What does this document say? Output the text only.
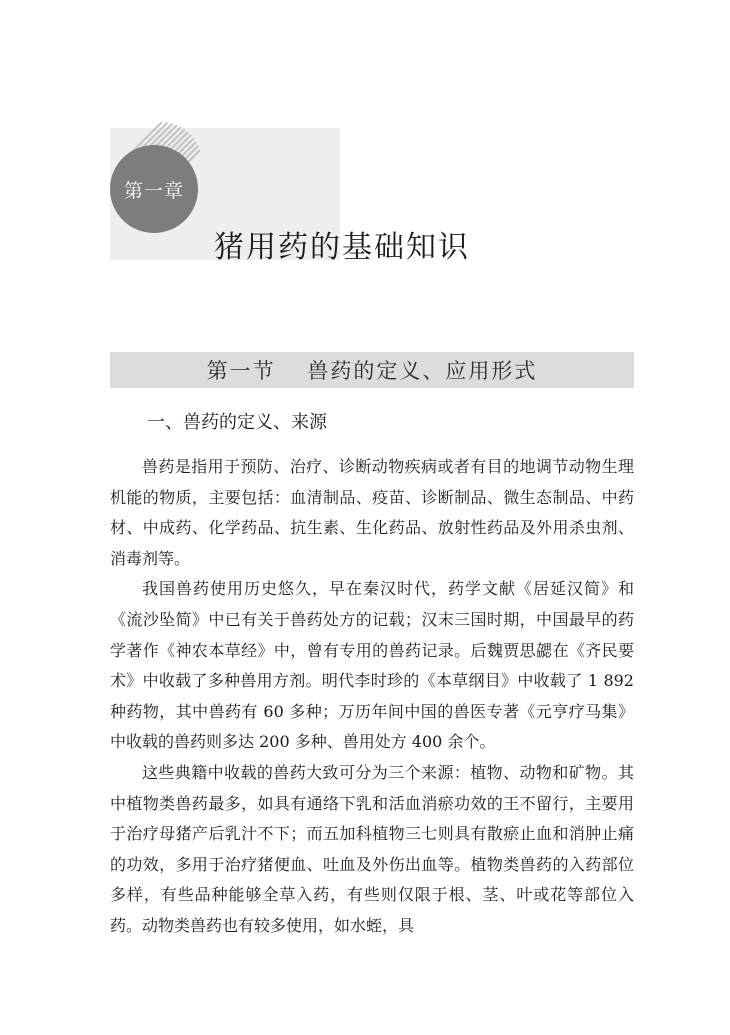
第一章
猪用药的基础知识
第一节　 兽药的定义、应用形式
一、兽药的定义、来源

兽药是指用于预防、治疗、诊断动物疾病或者有目的地调节动物生理机能的物质，主要包括：血清制品、疫苗、诊断制品、微生态制品、中药材、中成药、化学药品、抗生素、生化药品、放射性药品及外用杀虫剂、消毒剂等。

我国兽药使用历史悠久，早在秦汉时代，药学文献《居延汉简》和《流沙坠简》中已有关于兽药处方的记载；汉末三国时期，中国最早的药学著作《神农本草经》中，曾有专用的兽药记录。后魏贾思勰在《齐民要术》中收载了多种兽用方剂。明代李时珍的《本草纲目》中收载了 1 892 种药物，其中兽药有 60 多种；万历年间中国的兽医专著《元亨疗马集》中收载的兽药则多达 200 多种、兽用处方 400 余个。

这些典籍中收载的兽药大致可分为三个来源：植物、动物和矿物。其中植物类兽药最多，如具有通络下乳和活血消瘀功效的王不留行，主要用于治疗母猪产后乳汁不下；而五加科植物三七则具有散瘀止血和消肿止痛的功效，多用于治疗猪便血、吐血及外伤出血等。植物类兽药的入药部位多样，有些品种能够全草入药，有些则仅限于根、茎、叶或花等部位入药。动物类兽药也有较多使用，如水蛭，具
